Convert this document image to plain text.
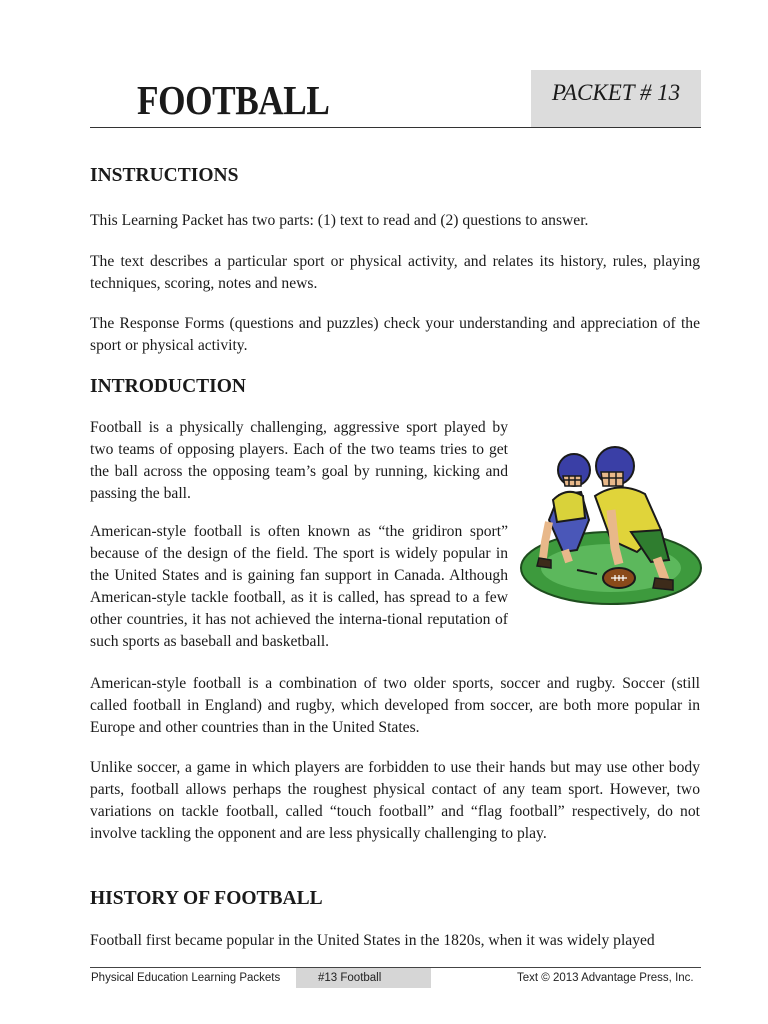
FOOTBALL	PACKET # 13
INSTRUCTIONS

This Learning Packet has two parts: (1) text to read and (2) questions to answer.

The text describes a particular sport or physical activity, and relates its history, rules, playing techniques, scoring, notes and news.

The Response Forms (questions and puzzles) check your understanding and appreciation of the sport or physical activity.

INTRODUCTION

Football is a physically challenging, aggressive sport played by two teams of opposing players. Each of the two teams tries to get the ball across the opposing team’s goal by running, kicking and passing the ball.

American-style football is often known as “the gridiron sport” because of the design of the field. The sport is widely popular in the United States and is gaining fan support in Canada. Although American-style tackle football, as it is called, has spread to a few other countries, it has not achieved the interna-tional reputation of such sports as baseball and basketball.

American-style football is a combination of two older sports, soccer and rugby. Soccer (still called football in England) and rugby, which developed from soccer, are both more popular in Europe and other countries than in the United States.

Unlike soccer, a game in which players are forbidden to use their hands but may use other body parts, football allows perhaps the roughest physical contact of any team sport. However, two variations on tackle football, called “touch football” and “flag football” respectively, do not involve tackling the opponent and are less physically challenging to play.

HISTORY OF FOOTBALL

Football first became popular in the United States in the 1820s, when it was widely played

Physical Education Learning Packets	#13 Football	Text © 2013 Advantage Press, Inc.
